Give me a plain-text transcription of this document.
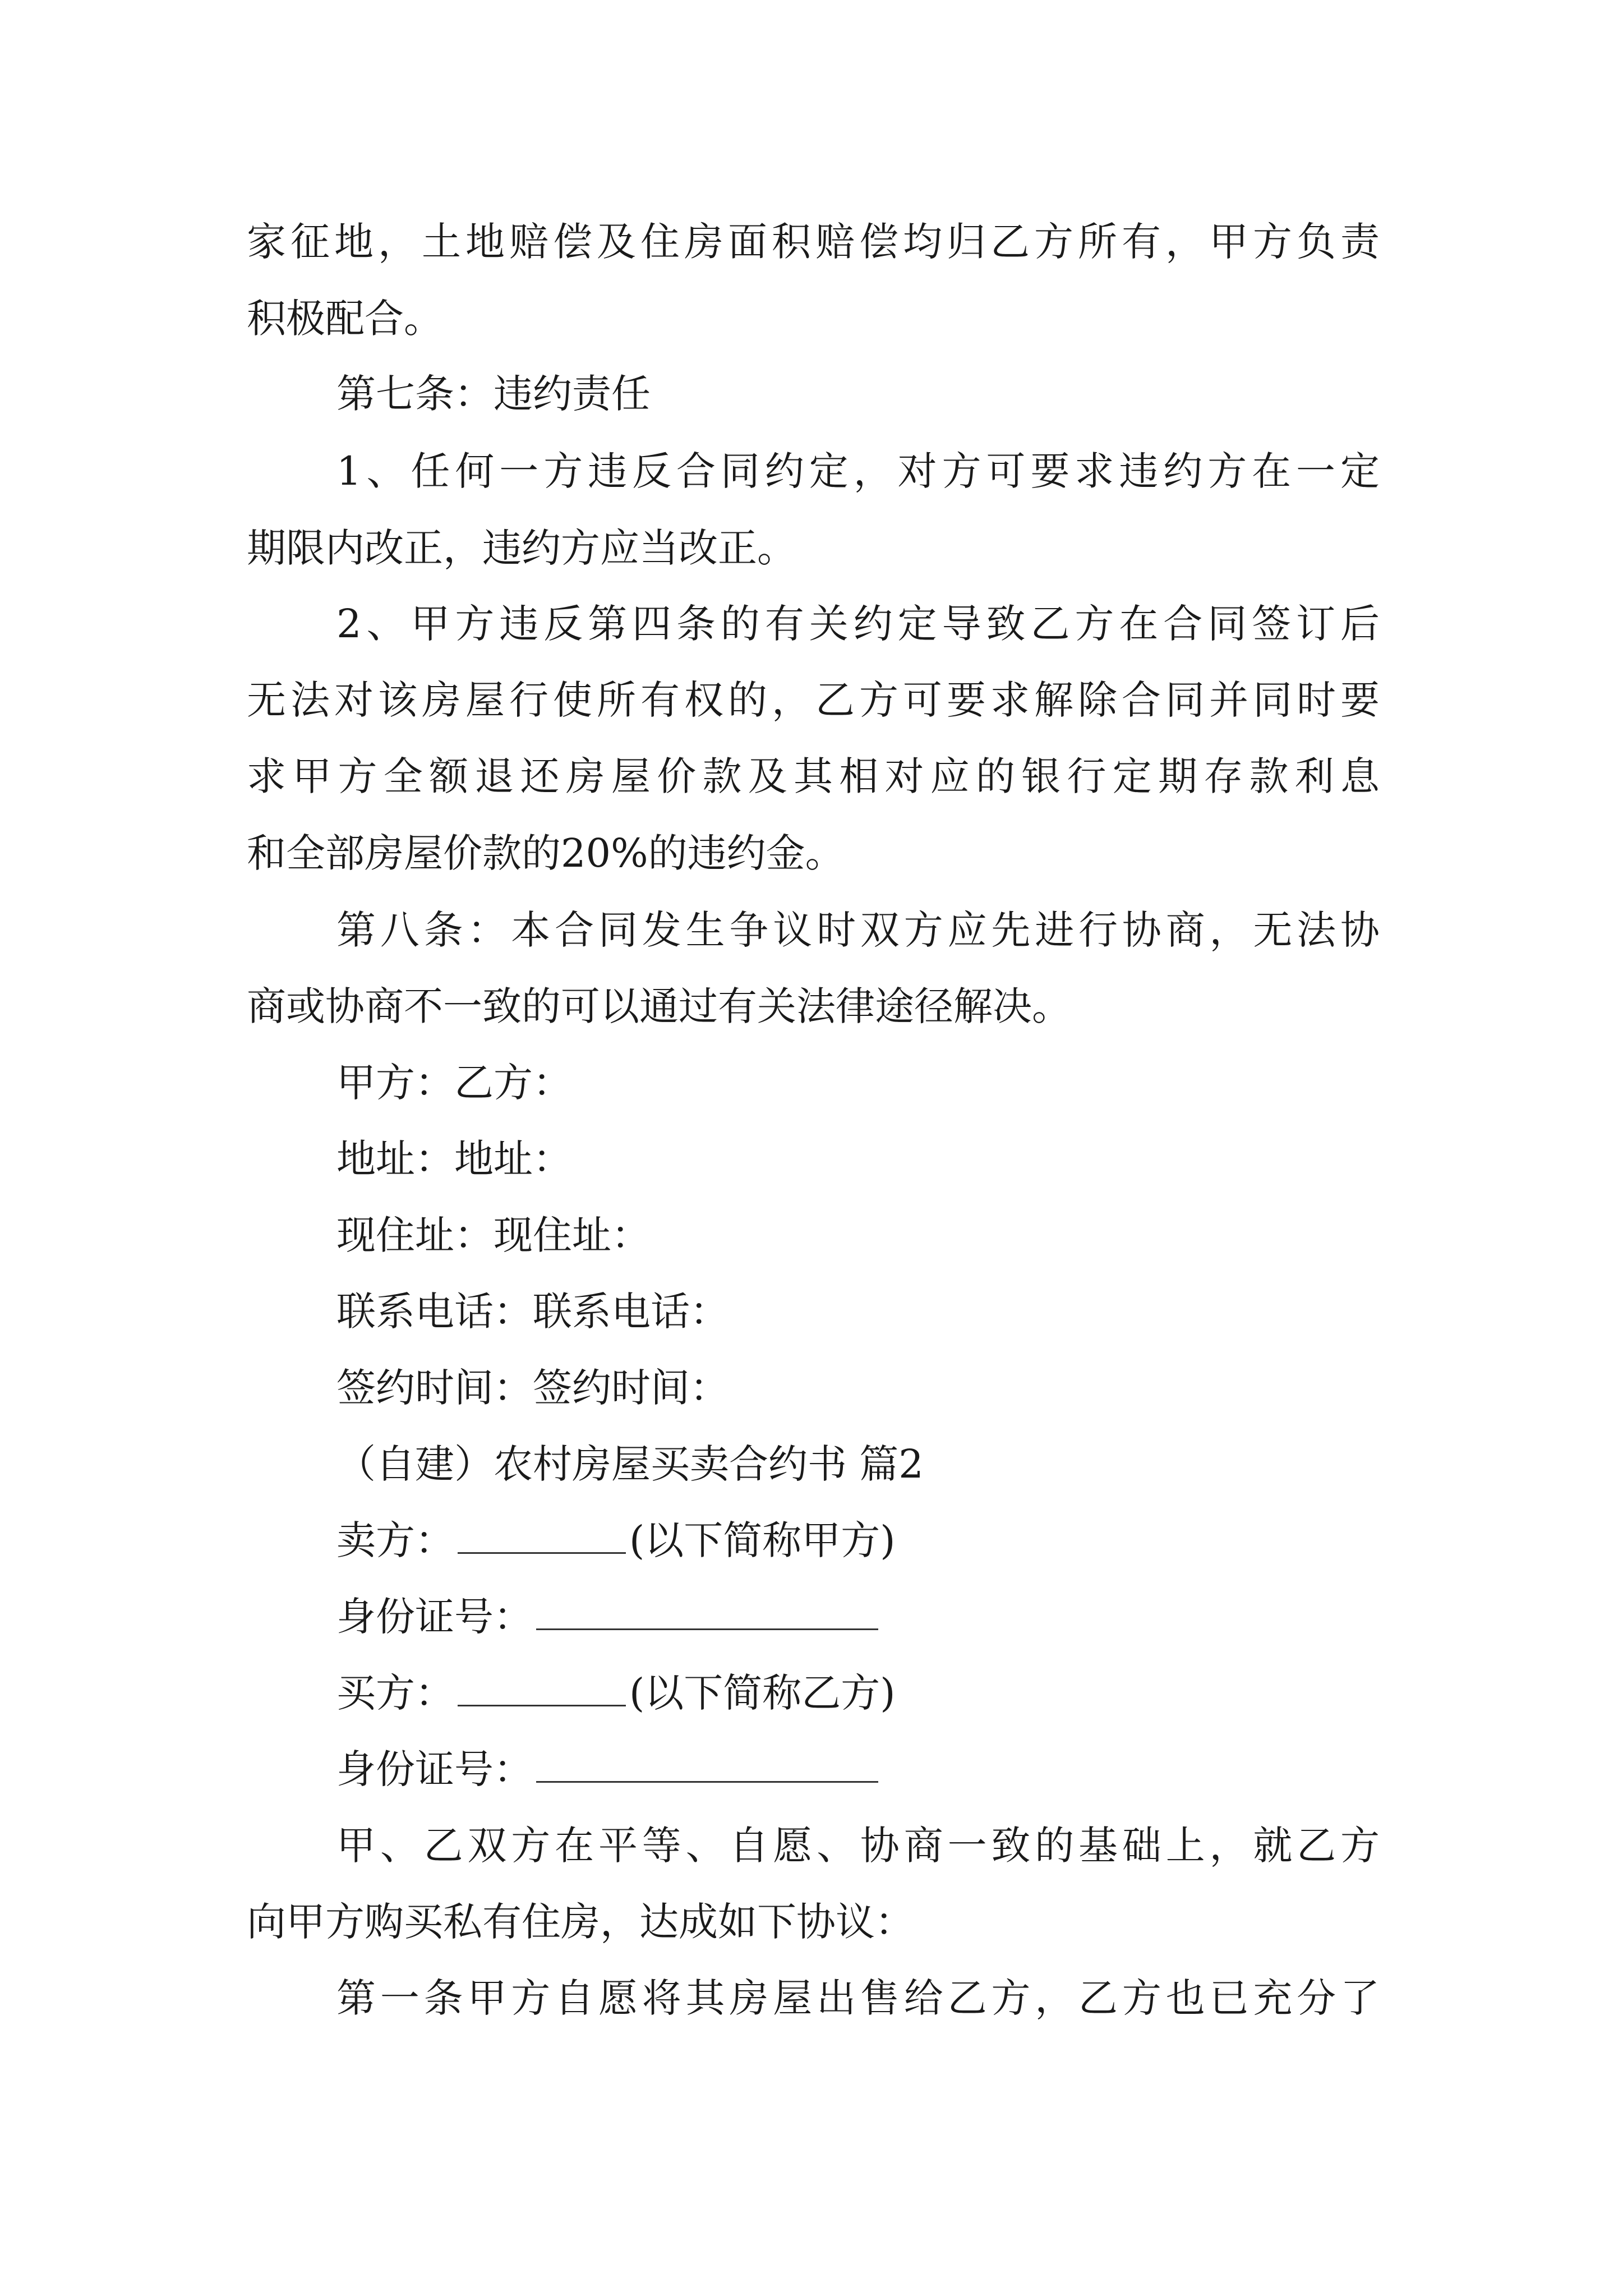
家征地，土地赔偿及住房面积赔偿均归乙方所有，甲方负责
积极配合。
第七条：违约责任
1、任何一方违反合同约定，对方可要求违约方在一定
期限内改正，违约方应当改正。
2、甲方违反第四条的有关约定导致乙方在合同签订后
无法对该房屋行使所有权的，乙方可要求解除合同并同时要
求甲方全额退还房屋价款及其相对应的银行定期存款利息
和全部房屋价款的20%的违约金。
第八条：本合同发生争议时双方应先进行协商，无法协
商或协商不一致的可以通过有关法律途径解决。
甲方：乙方：
地址：地址：
现住址：现住址：
联系电话：联系电话：
签约时间：签约时间：
（自建）农村房屋买卖合约书 篇2
卖方：	(以下简称甲方)
身份证号：
买方：	(以下简称乙方)
身份证号：
甲、乙双方在平等、自愿、协商一致的基础上，就乙方
向甲方购买私有住房，达成如下协议：
第一条甲方自愿将其房屋出售给乙方，乙方也已充分了
